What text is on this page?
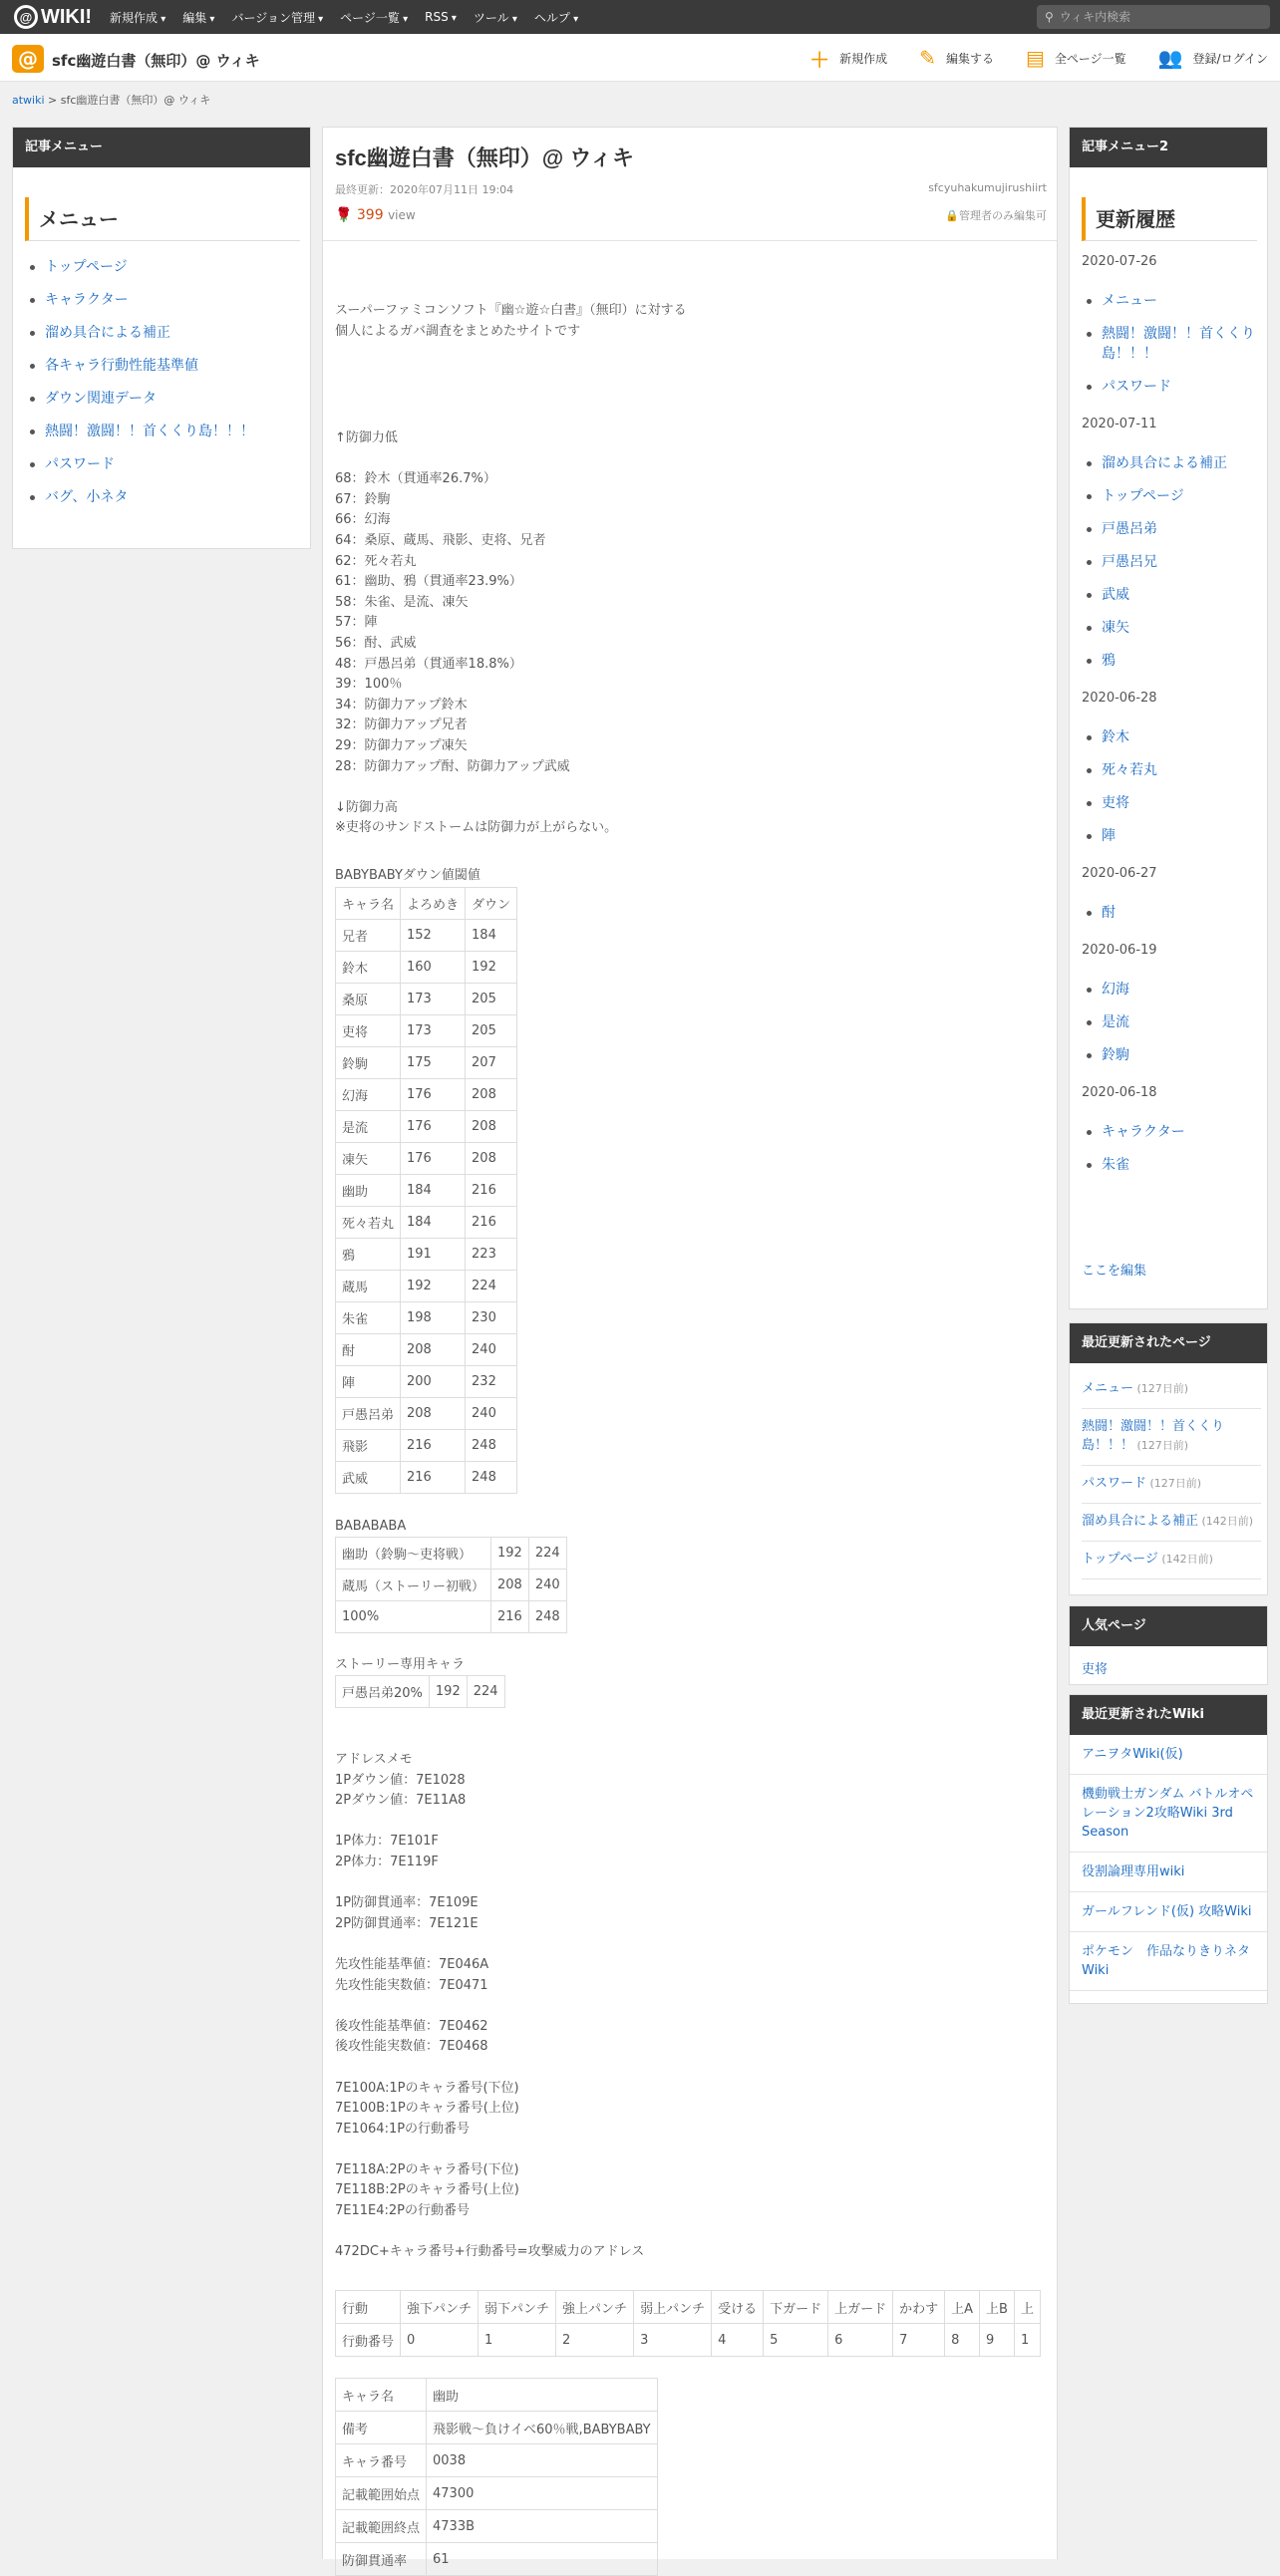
@ WIKI! 新規作成 ▾	編集 ▾	バージョン管理 ▾	ページ一覧 ▾	RSS ▾	ツール ▾	ヘルプ ▾	⚲
ウィキ内検索
@ sfc幽遊白書（無印）@ ウィキ	＋ 新規作成 ✎ 編集する ▤ 全ページ一覧 👥 登録/ログイン
atwiki > sfc幽遊白書（無印）@ ウィキ
記事メニュー
メニュー
トップページ
キャラクター
溜め具合による補正
各キャラ行動性能基準値
ダウン関連データ
熱闘！激闘！！首くくり島！！！
パスワード
バグ、小ネタ
sfc幽遊白書（無印）@ ウィキ
最終更新：2020年07月11日 19:04	sfcyuhakumujirushiirt
🌹 399 view	🔒管理者のみ編集可
スーパーファミコンソフト『幽☆遊☆白書』（無印）に対する
個人によるガバ調査をまとめたサイトです
↑防御力低

68：鈴木（貫通率26.7%）
67：鈴駒
66：幻海
64：桑原、蔵馬、飛影、吏将、兄者
62：死々若丸
61：幽助、鴉（貫通率23.9%）
58：朱雀、是流、凍矢
57：陣
56：酎、武威
48：戸愚呂弟（貫通率18.8%）
39：100％
34：防御力アップ鈴木
32：防御力アップ兄者
29：防御力アップ凍矢
28：防御力アップ酎、防御力アップ武威

↓防御力高
※吏将のサンドストームは防御力が上がらない。
BABYBABYダウン値閾値
キャラ名	よろめき	ダウン
兄者	152	184
鈴木	160	192
桑原	173	205
吏将	173	205
鈴駒	175	207
幻海	176	208
是流	176	208
凍矢	176	208
幽助	184	216
死々若丸	184	216
鴉	191	223
蔵馬	192	224
朱雀	198	230
酎	208	240
陣	200	232
戸愚呂弟	208	240
飛影	216	248
武威	216	248
BABABABA
幽助（鈴駒～吏将戦）	192	224
蔵馬（ストーリー初戦）	208	240
100%	216	248
ストーリー専用キャラ
戸愚呂弟20%	192	224
アドレスメモ
1Pダウン値：7E1028
2Pダウン値：7E11A8

1P体力：7E101F
2P体力：7E119F

1P防御貫通率：7E109E
2P防御貫通率：7E121E

先攻性能基準値：7E046A
先攻性能実数値：7E0471

後攻性能基準値：7E0462
後攻性能実数値：7E0468

7E100A:1Pのキャラ番号(下位)
7E100B:1Pのキャラ番号(上位)
7E1064:1Pの行動番号

7E118A:2Pのキャラ番号(下位)
7E118B:2Pのキャラ番号(上位)
7E11E4:2Pの行動番号

472DC+キャラ番号+行動番号=攻撃威力のアドレス
行動	強下パンチ	弱下パンチ	強上パンチ	弱上パンチ	受ける	下ガード	上ガード	かわす	上A	上B	上
行動番号	0	1	2	3	4	5	6	7	8	9	1
キャラ名	幽助
備考	飛影戦～負けイベ60％戦,BABYBABY
キャラ番号	0038
記載範囲始点	47300
記載範囲終点	4733B
防御貫通率	61
記事メニュー2
更新履歴
2020-07-26
メニュー
熱闘！激闘！！首くくり島！！！
パスワード
2020-07-11
溜め具合による補正
トップページ
戸愚呂弟
戸愚呂兄
武威
凍矢
鴉
2020-06-28
鈴木
死々若丸
吏将
陣
2020-06-27
酎
2020-06-19
幻海
是流
鈴駒
2020-06-18
キャラクター
朱雀
ここを編集
最近更新されたページ
メニュー (127日前)
熱闘！激闘！！首くくり島！！！ (127日前)
パスワード (127日前)
溜め具合による補正 (142日前)
トップページ (142日前)
人気ページ
吏将
最近更新されたWiki
アニヲタWiki(仮)
機動戦士ガンダム バトルオペレーション2攻略Wiki 3rd Season
役割論理専用wiki
ガールフレンド(仮) 攻略Wiki
ポケモン　作品なりきりネタWiki
